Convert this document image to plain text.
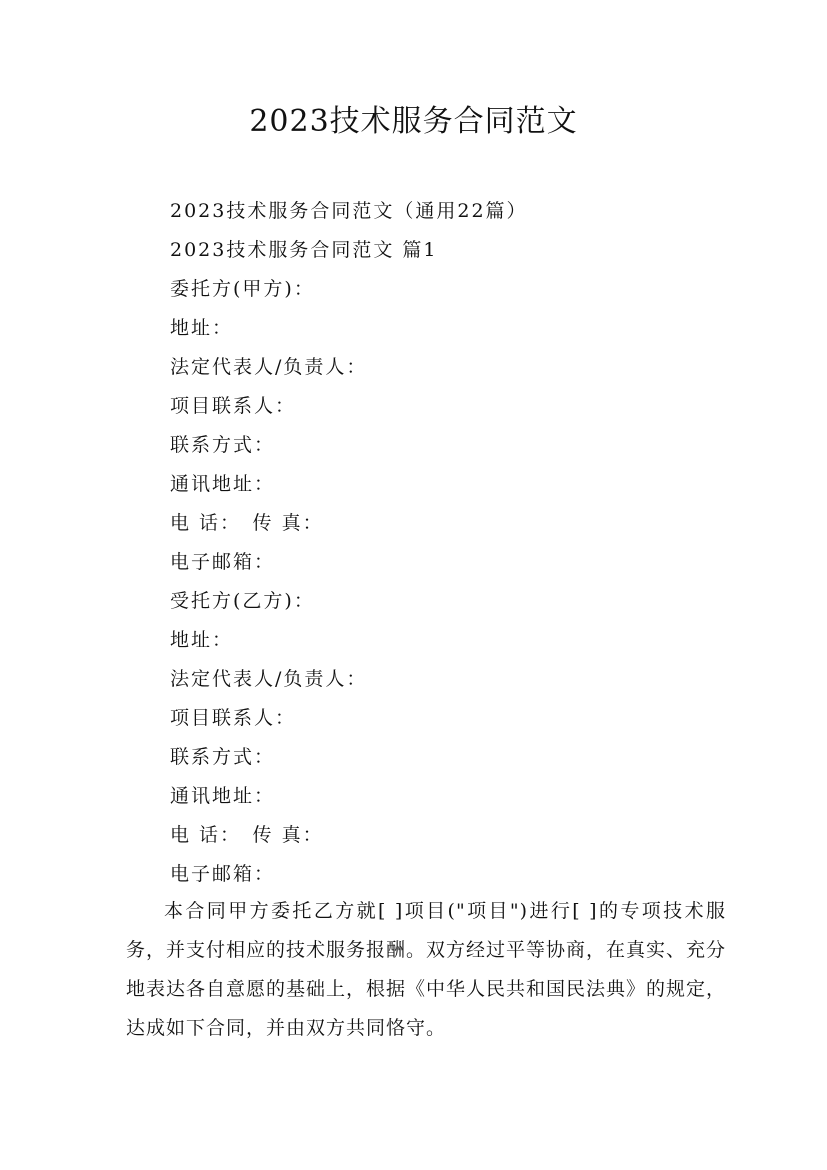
2023技术服务合同范文
2023技术服务合同范文（通用22篇）
2023技术服务合同范文 篇1
委托方(甲方)：
地址：
法定代表人/负责人：
项目联系人：
联系方式：
通讯地址：
电 话：　传 真：
电子邮箱：
受托方(乙方)：
地址：
法定代表人/负责人：
项目联系人：
联系方式：
通讯地址：
电 话：　传 真：
电子邮箱：

本合同甲方委托乙方就[ ]项目("项目")进行[ ]的专项技术服务，并支付相应的技术服务报酬。双方经过平等协商，在真实、充分地表达各自意愿的基础上，根据《中华人民共和国民法典》的规定，达成如下合同，并由双方共同恪守。
